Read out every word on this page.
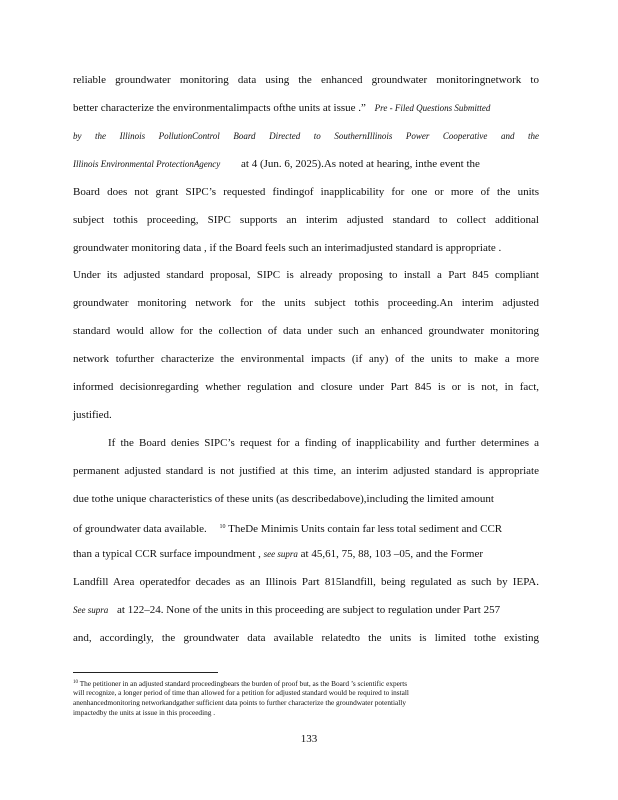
reliable groundwater monitoring data using the enhanced groundwater monitoringnetwork to
better characterize the environmentalimpacts ofthe units at issue .” Pre - Filed Questions Submitted
by the Illinois PollutionControl Board Directed to SouthernIllinois Power Cooperative and the
Illinois Environmental ProtectionAgency at 4 (Jun. 6, 2025).As noted at hearing, inthe event the
Board does not grant SIPC’s requested findingof inapplicability for one or more of the units
subject tothis proceeding, SIPC supports an interim adjusted standard to collect additional
groundwater monitoring data , if the Board feels such an interimadjusted standard is appropriate .
Under its adjusted standard proposal, SIPC is already proposing to install a Part 845 compliant
groundwater monitoring network for the units subject tothis proceeding.An interim adjusted
standard would allow for the collection of data under such an enhanced groundwater monitoring
network tofurther characterize the environmental impacts (if any) of the units to make a more
informed decisionregarding whether regulation and closure under Part 845 is or is not, in fact,
justified.
If the Board denies SIPC’s request for a finding of inapplicability and further determines a
permanent adjusted standard is not justified at this time, an interim adjusted standard is appropriate
due tothe unique characteristics of these units (as describedabove),including the limited amount
of groundwater data available. $^{10}$ TheDe Minimis Units contain far less total sediment and CCR
than a typical CCR surface impoundment , see supra at 45,61, 75, 88, 103 –05, and the Former
Landfill Area operatedfor decades as an Illinois Part 815landfill, being regulated as such by IEPA.
See supra at 122–24. None of the units in this proceeding are subject to regulation under Part 257
and, accordingly, the groundwater data available relatedto the units is limited tothe existing
$^{10}$ The petitioner in an adjusted standard proceedingbears the burden of proof but, as the Board ’s scientific experts
will recognize, a longer period of time than allowed for a petition for adjusted standard would be required to install
anenhancedmonitoring networkandgather sufficient data points to further characterize the groundwater potentially
impactedby the units at issue in this proceeding .
133
